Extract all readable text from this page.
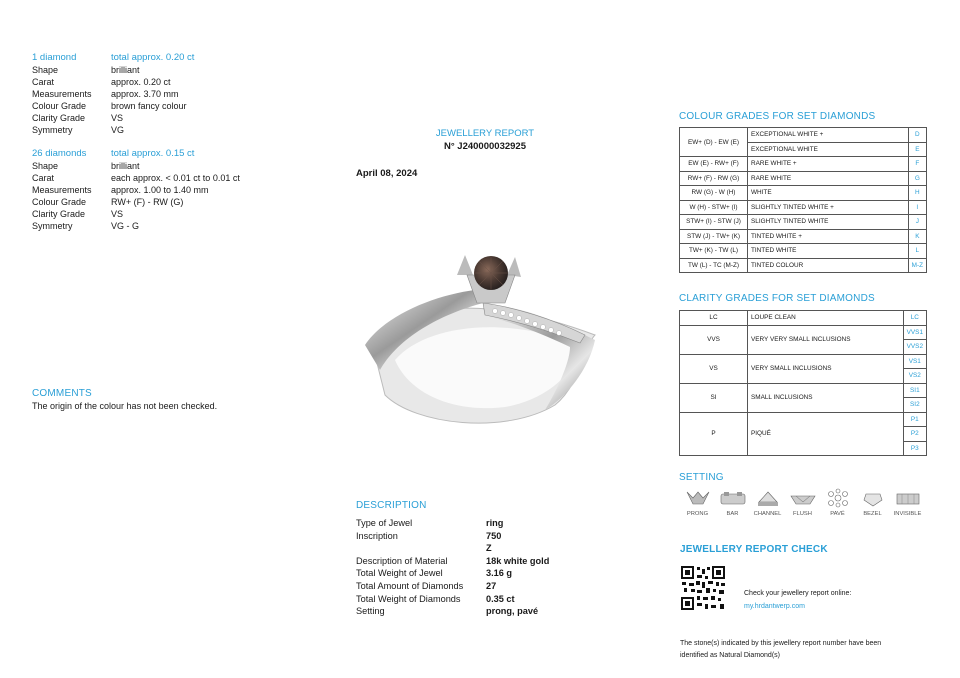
1 diamond	total approx. 0.20 ct
Shape	brilliant
Carat	approx. 0.20 ct
Measurements	approx. 3.70 mm
Colour Grade	brown fancy colour
Clarity Grade	VS
Symmetry	VG
26 diamonds	total approx. 0.15 ct
Shape	brilliant
Carat	each approx. < 0.01 ct to 0.01 ct
Measurements	approx. 1.00 to 1.40 mm
Colour Grade	RW+ (F) - RW (G)
Clarity Grade	VS
Symmetry	VG - G
COMMENTS
The origin of the colour has not been checked.
JEWELLERY REPORT
N° J240000032925
April 08, 2024
DESCRIPTION
Type of Jewel	ring
Inscription	750
Z
Description of Material	18k white gold
Total Weight of Jewel	3.16 g
Total Amount of Diamonds	27
Total Weight of Diamonds	0.35 ct
Setting	prong, pavé
COLOUR GRADES FOR SET DIAMONDS
EW+ (D) - EW (E)	EXCEPTIONAL WHITE +	D
	EXCEPTIONAL WHITE	E
EW (E) - RW+ (F)	RARE WHITE +	F
RW+ (F) - RW (G)	RARE WHITE	G
RW (G) - W (H)	WHITE	H
W (H) - STW+ (I)	SLIGHTLY TINTED WHITE +	I
STW+ (I) - STW (J)	SLIGHTLY TINTED WHITE	J
STW (J) - TW+ (K)	TINTED WHITE +	K
TW+ (K) - TW (L)	TINTED WHITE	L
TW (L) - TC (M-Z)	TINTED COLOUR	M-Z
CLARITY GRADES FOR SET DIAMONDS
LC	LOUPE CLEAN	LC
VVS	VERY VERY SMALL INCLUSIONS	VVS1
		VVS2
VS	VERY SMALL INCLUSIONS	VS1
		VS2
SI	SMALL INCLUSIONS	SI1
		SI2
P	PIQUÉ	P1
		P2
		P3
SETTING
PRONG	BAR	CHANNEL	FLUSH	PAVÉ	BEZEL	INVISIBLE
JEWELLERY REPORT CHECK
Check your jewellery report online:
my.hrdantwerp.com
The stone(s) indicated by this jewellery report number have been
identified as Natural Diamond(s)
